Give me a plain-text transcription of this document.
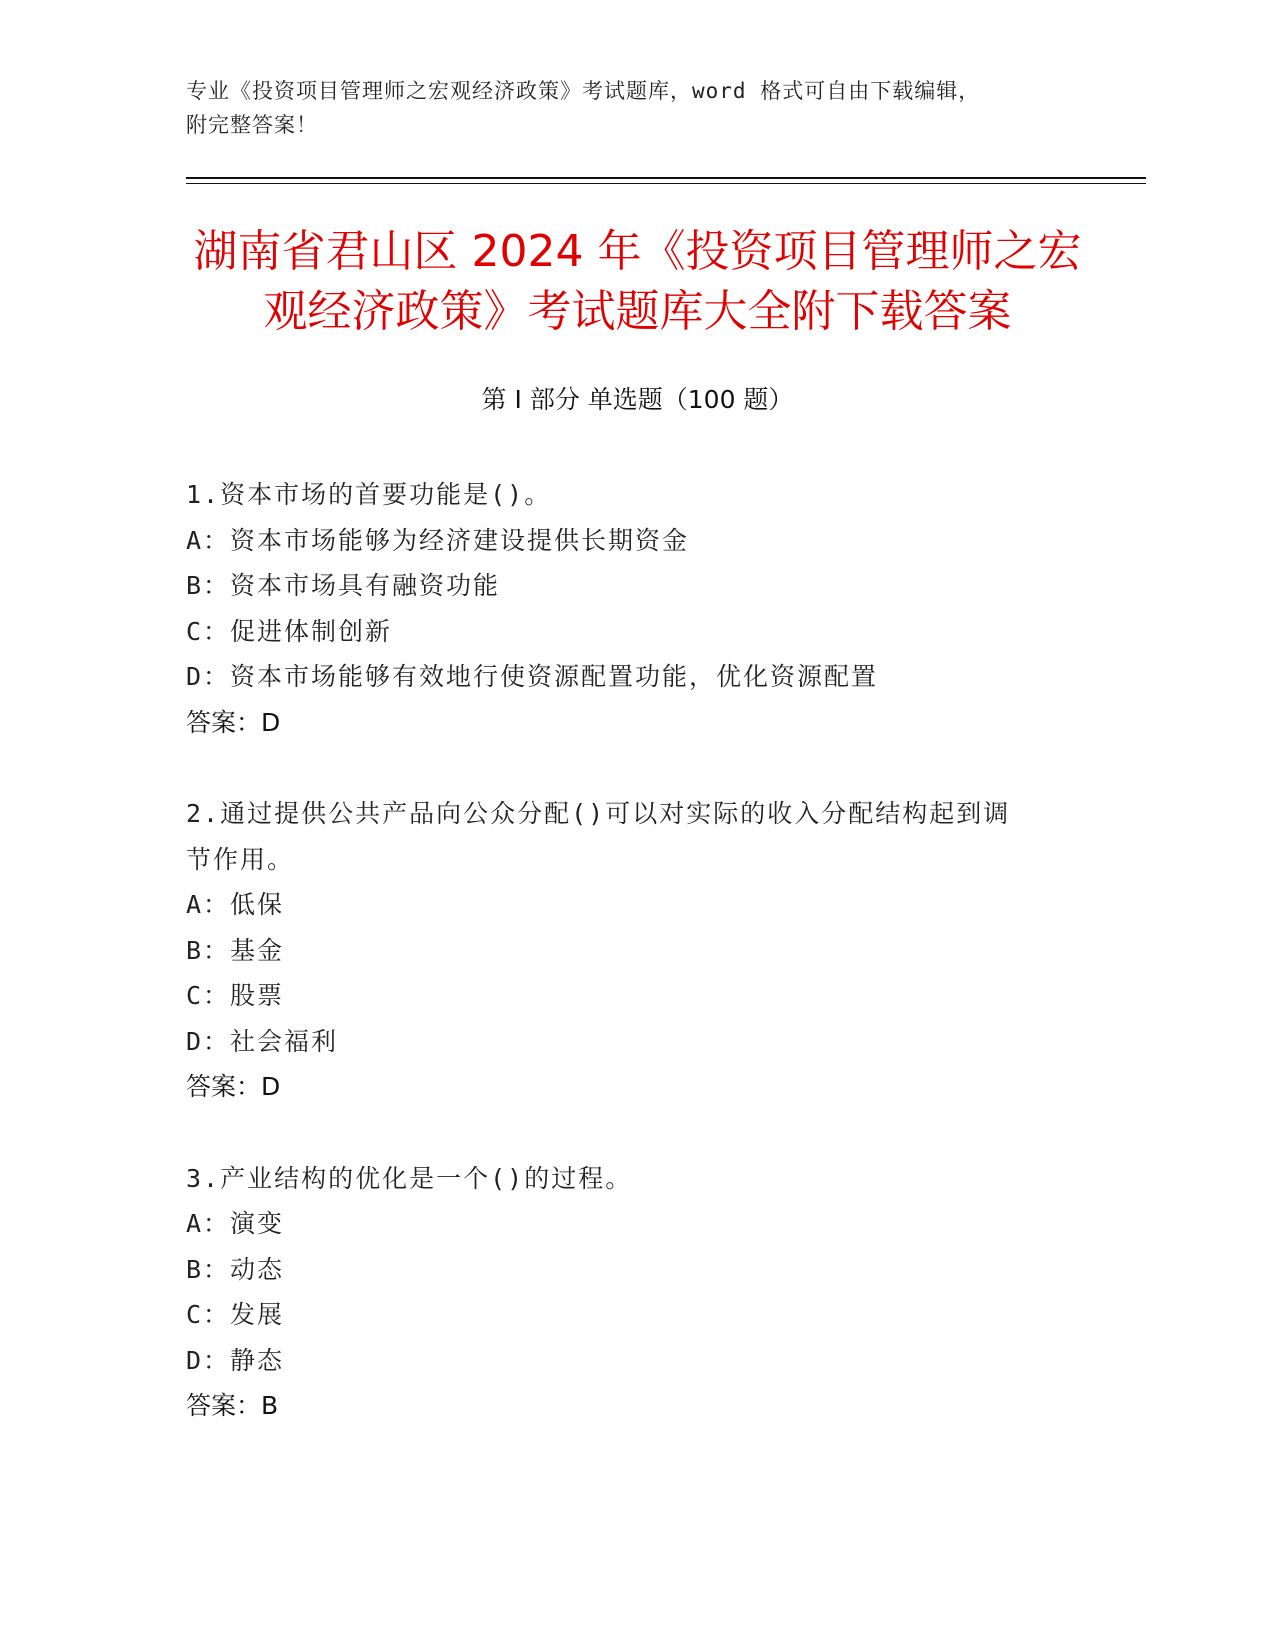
专业《投资项目管理师之宏观经济政策》考试题库，word 格式可自由下载编辑，
附完整答案！
湖南省君山区 2024 年《投资项目管理师之宏
观经济政策》考试题库大全附下载答案
第 I 部分 单选题（100 题）
1.资本市场的首要功能是()。
A：资本市场能够为经济建设提供长期资金
B：资本市场具有融资功能
C：促进体制创新
D：资本市场能够有效地行使资源配置功能，优化资源配置
答案：D
2.通过提供公共产品向公众分配()可以对实际的收入分配结构起到调
节作用。
A：低保
B：基金
C：股票
D：社会福利
答案：D
3.产业结构的优化是一个()的过程。
A：演变
B：动态
C：发展
D：静态
答案：B
